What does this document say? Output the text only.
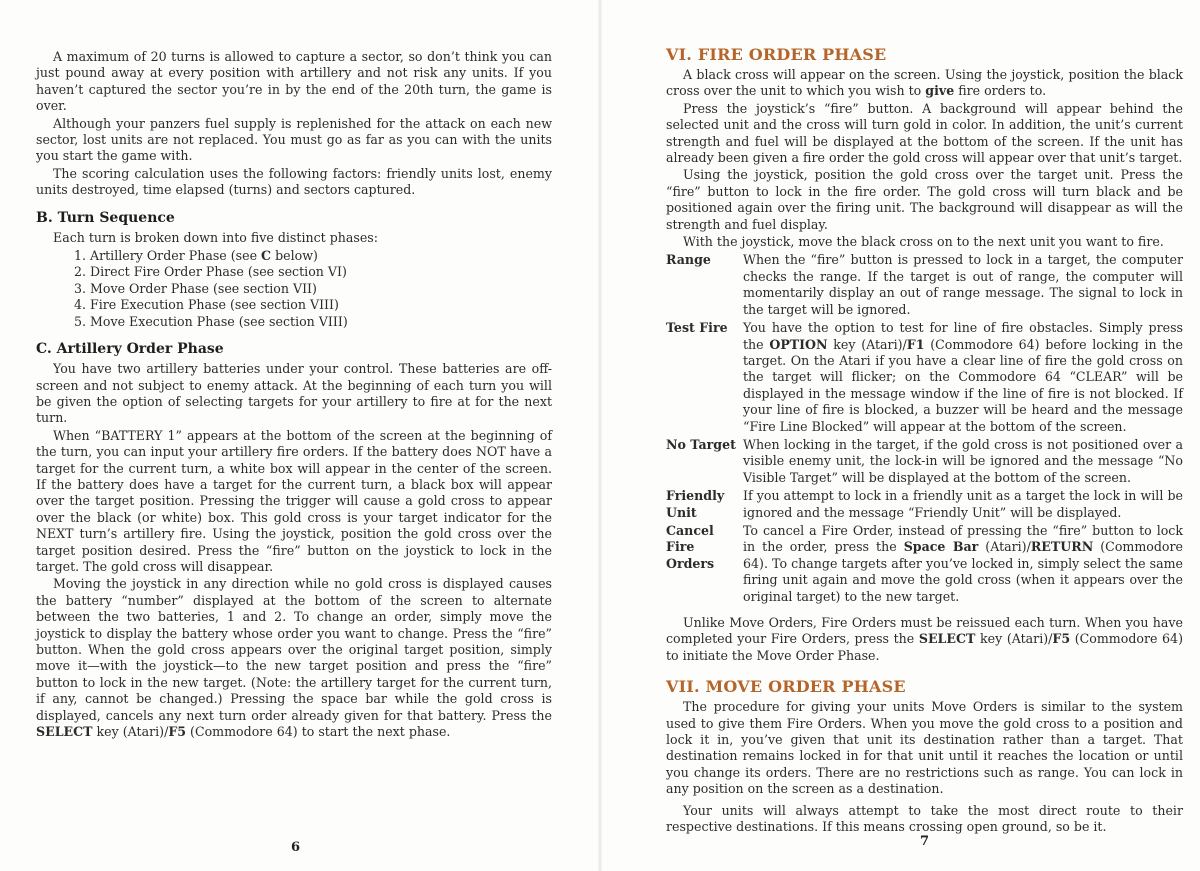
A maximum of 20 turns is allowed to capture a sector, so don’t think you can just pound away at every position with artillery and not risk any units. If you haven’t captured the sector you’re in by the end of the 20th turn, the game is over.

Although your panzers fuel supply is replenished for the attack on each new sector, lost units are not replaced. You must go as far as you can with the units you start the game with.

The scoring calculation uses the following factors: friendly units lost, enemy units destroyed, time elapsed (turns) and sectors captured.

B. Turn Sequence
Each turn is broken down into five distinct phases:
1. Artillery Order Phase (see C below)
2. Direct Fire Order Phase (see section VI)
3. Move Order Phase (see section VII)
4. Fire Execution Phase (see section VIII)
5. Move Execution Phase (see section VIII)
C. Artillery Order Phase

You have two artillery batteries under your control. These batteries are off-screen and not subject to enemy attack. At the beginning of each turn you will be given the option of selecting targets for your artillery to fire at for the next turn.

When “BATTERY 1” appears at the bottom of the screen at the beginning of the turn, you can input your artillery fire orders. If the battery does NOT have a target for the current turn, a white box will appear in the center of the screen. If the battery does have a target for the current turn, a black box will appear over the target position. Pressing the trigger will cause a gold cross to appear over the black (or white) box. This gold cross is your target indicator for the NEXT turn’s artillery fire. Using the joystick, position the gold cross over the target position desired. Press the “fire” button on the joystick to lock in the target. The gold cross will disappear.

Moving the joystick in any direction while no gold cross is displayed causes the battery “number” displayed at the bottom of the screen to alternate between the two batteries, 1 and 2. To change an order, simply move the joystick to display the battery whose order you want to change. Press the “fire” button. When the gold cross appears over the original target position, simply move it—with the joystick—to the new target position and press the “fire” button to lock in the new target. (Note: the artillery target for the current turn, if any, cannot be changed.) Pressing the space bar while the gold cross is displayed, cancels any next turn order already given for that battery. Press the SELECT key (Atari)/F5 (Commodore 64) to start the next phase.

6
VI. FIRE ORDER PHASE

A black cross will appear on the screen. Using the joystick, position the black cross over the unit to which you wish to give fire orders to.

Press the joystick’s “fire” button. A background will appear behind the selected unit and the cross will turn gold in color. In addition, the unit’s current strength and fuel will be displayed at the bottom of the screen. If the unit has already been given a fire order the gold cross will appear over that unit’s target.

Using the joystick, position the gold cross over the target unit. Press the “fire” button to lock in the fire order. The gold cross will turn black and be positioned again over the firing unit. The background will disappear as will the strength and fuel display.

With the joystick, move the black cross on to the next unit you want to fire.

Range	When the “fire” button is pressed to lock in a target, the computer checks the range. If the target is out of range, the computer will momentarily display an out of range message. The signal to lock in the target will be ignored.
Test Fire	You have the option to test for line of fire obstacles. Simply press the OPTION key (Atari)/F1 (Commodore 64) before locking in the target. On the Atari if you have a clear line of fire the gold cross on the target will flicker; on the Commodore 64 “CLEAR” will be displayed in the message window if the line of fire is not blocked. If your line of fire is blocked, a buzzer will be heard and the message “Fire Line Blocked” will appear at the bottom of the screen.
No Target When locking in the target, if the gold cross is not positioned over a visible enemy unit, the lock-in will be ignored and the message “No Visible Target” will be displayed at the bottom of the screen.
Friendly Unit
If you attempt to lock in a friendly unit as a target the lock in will be ignored and the message “Friendly Unit” will be displayed.
Cancel Fire Orders
To cancel a Fire Order, instead of pressing the “fire” button to lock in the order, press the Space Bar (Atari)/RETURN (Commodore 64). To change targets after you’ve locked in, simply select the same firing unit again and move the gold cross (when it appears over the original target) to the new target.

Unlike Move Orders, Fire Orders must be reissued each turn. When you have completed your Fire Orders, press the SELECT key (Atari)/F5 (Commodore 64) to initiate the Move Order Phase.

VII. MOVE ORDER PHASE

The procedure for giving your units Move Orders is similar to the system used to give them Fire Orders. When you move the gold cross to a position and lock it in, you’ve given that unit its destination rather than a target. That destination remains locked in for that unit until it reaches the location or until you change its orders. There are no restrictions such as range. You can lock in any position on the screen as a destination.

Your units will always attempt to take the most direct route to their respective destinations. If this means crossing open ground, so be it.

7
